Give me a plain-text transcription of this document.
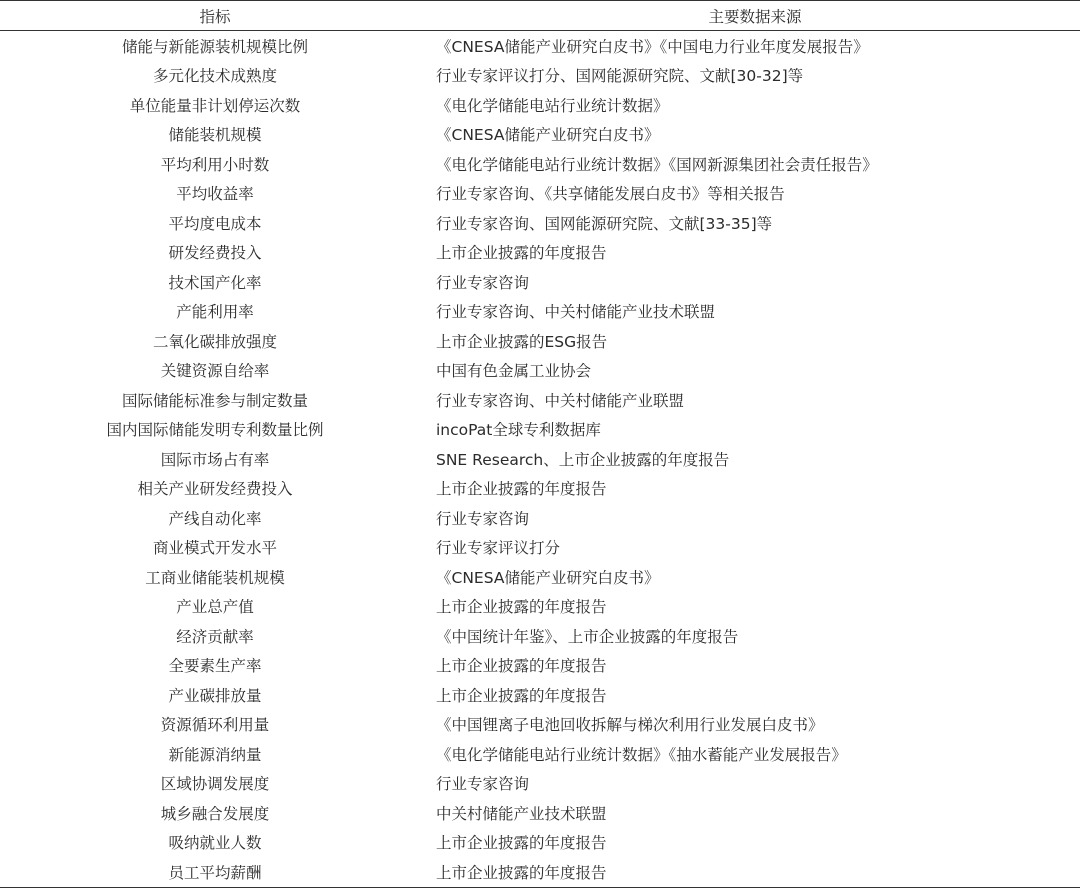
指标	主要数据来源
储能与新能源装机规模比例	《CNESA储能产业研究白皮书》《中国电力行业年度发展报告》
多元化技术成熟度	行业专家评议打分、国网能源研究院、文献[30-32]等
单位能量非计划停运次数	《电化学储能电站行业统计数据》
储能装机规模	《CNESA储能产业研究白皮书》
平均利用小时数	《电化学储能电站行业统计数据》《国网新源集团社会责任报告》
平均收益率	行业专家咨询、《共享储能发展白皮书》等相关报告
平均度电成本	行业专家咨询、国网能源研究院、文献[33-35]等
研发经费投入	上市企业披露的年度报告
技术国产化率	行业专家咨询
产能利用率	行业专家咨询、中关村储能产业技术联盟
二氧化碳排放强度	上市企业披露的ESG报告
关键资源自给率	中国有色金属工业协会
国际储能标准参与制定数量	行业专家咨询、中关村储能产业联盟
国内国际储能发明专利数量比例	incoPat全球专利数据库
国际市场占有率	SNE Research、上市企业披露的年度报告
相关产业研发经费投入	上市企业披露的年度报告
产线自动化率	行业专家咨询
商业模式开发水平	行业专家评议打分
工商业储能装机规模	《CNESA储能产业研究白皮书》
产业总产值	上市企业披露的年度报告
经济贡献率	《中国统计年鉴》、上市企业披露的年度报告
全要素生产率	上市企业披露的年度报告
产业碳排放量	上市企业披露的年度报告
资源循环利用量	《中国锂离子电池回收拆解与梯次利用行业发展白皮书》
新能源消纳量	《电化学储能电站行业统计数据》《抽水蓄能产业发展报告》
区域协调发展度	行业专家咨询
城乡融合发展度	中关村储能产业技术联盟
吸纳就业人数	上市企业披露的年度报告
员工平均薪酬	上市企业披露的年度报告
